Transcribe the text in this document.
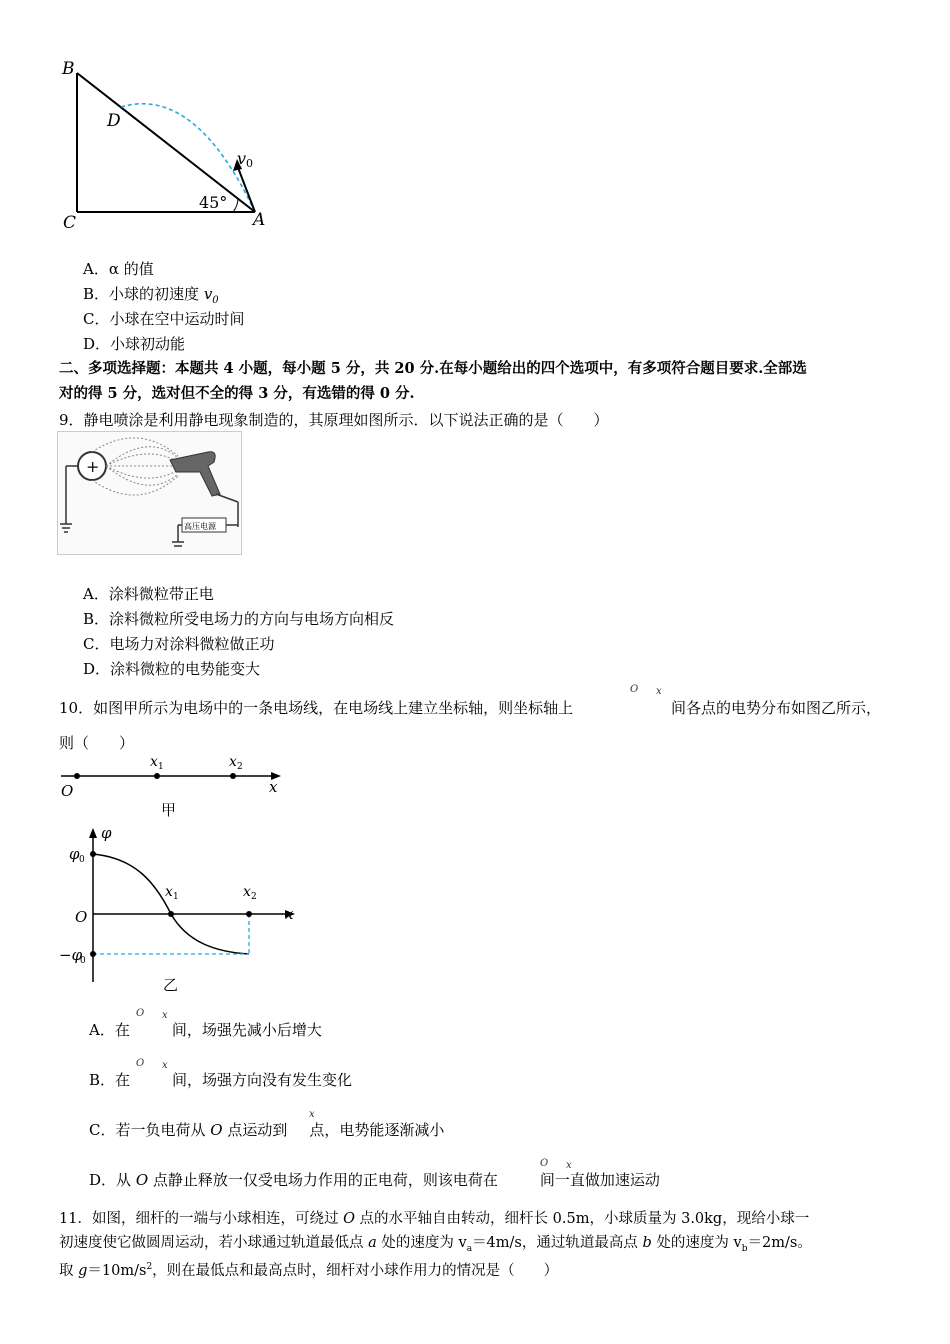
B
D
C	A
v 0
45°
A．α 的值
B．小球的初速度 $v_0$
C．小球在空中运动时间
D．小球初动能
二、多项选择题：本题共 4 小题，每小题 5 分，共 20 分.在每小题给出的四个选项中，有多项符合题目要求.全部选
对的得 5 分，选对但不全的得 3 分，有选错的得 0 分.
9．静电喷涂是利用静电现象制造的，其原理如图所示．以下说法正确的是（　　）
+
高压电源
A．涂料微粒带正电
B．涂料微粒所受电场力的方向与电场方向相反
C．电场力对涂料微粒做正功
D．涂料微粒的电势能变大
10．如图甲所示为电场中的一条电场线，在电场线上建立坐标轴，则坐标轴上
O x
间各点的电势分布如图乙所示，
则（　　）
O
x 1	x 2
x
甲
φ
φ 0
−φ
0
O
x 1	x 2
x
乙
O x
A．在	间，场强先减小后增大
O x
B．在	间，场强方向没有发生变化
x
C．若一负电荷从 O 点运动到 点，电势能逐渐减小
O x
D．从 O 点静止释放一仅受电场力作用的正电荷，则该电荷在	间一直做加速运动
11．如图，细杆的一端与小球相连，可绕过 O 点的水平轴自由转动，细杆长 0.5m，小球质量为 3.0kg，现给小球一
初速度使它做圆周运动，若小球通过轨道最低点 a 处的速度为 $v_a=4m/s$，通过轨道最高点 b 处的速度为 $v_b=2m/s$。
取 $g=10m/s^2$，则在最低点和最高点时，细杆对小球作用力的情况是（　　）
